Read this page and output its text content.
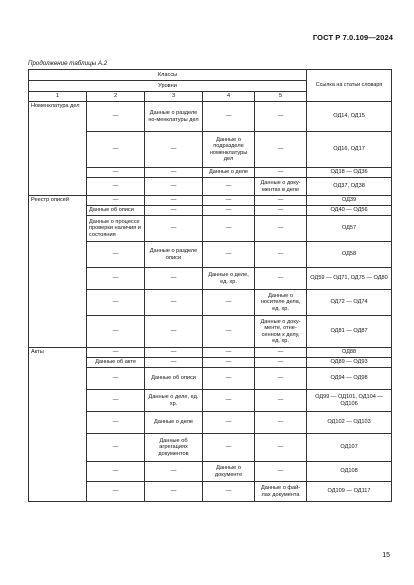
ГОСТ Р 7.0.109—2024
Продолжение таблицы А.2
Классы					Ссылка на статьи словаря
Уровни					
1	2	3	4	5	
Номенклатура дел	—	Данные о разделе но-менклатуры дел	—	—	ОД14, ОД15
	—	—	Данные о подразделе номенклатуры дел	—	ОД16, ОД17
	—	—	Данные о деле	—	ОД18 — ОД36
	—	—	—	Данные о доку-ментах в деле	ОД37, ОД38
Реестр описей	—	—	—	—	ОД39
	Данные об описи	—	—	—	ОД40 — ОД56
	Данные о процессе проверки наличия и состояния	—	—	—	ОД57
	—	Данные о разделе описи	—	—	ОД58
	—	—	Данные о деле, ед. хр.	—	ОД59 — ОД71, ОД75 — ОД80
	—	—	—	Данные о носителе дела, ед. хр.	ОД72 — ОД74
	—	—	—	Данные о доку-менте, отне-сенном к делу, ед. хр.	ОД81 — ОД87
Акты	—	—	—	—	ОД88
	Данные об акте	—	—	—	ОД89 — ОД93
	—	Данные об описи	—	—	ОД94 — ОД98
	—	Данные о деле, ед. хр.	—	—	ОД99 — ОД101, ОД104 — ОД106
	—	Данные о деле	—	—	ОД102 — ОД103
	—	Данные об агрегациях документов	—	—	ОД107
	—	—	Данные о документе	—	ОД108
	—	—	—	Данные о фай-лах документа	ОД109 — ОД117
15
